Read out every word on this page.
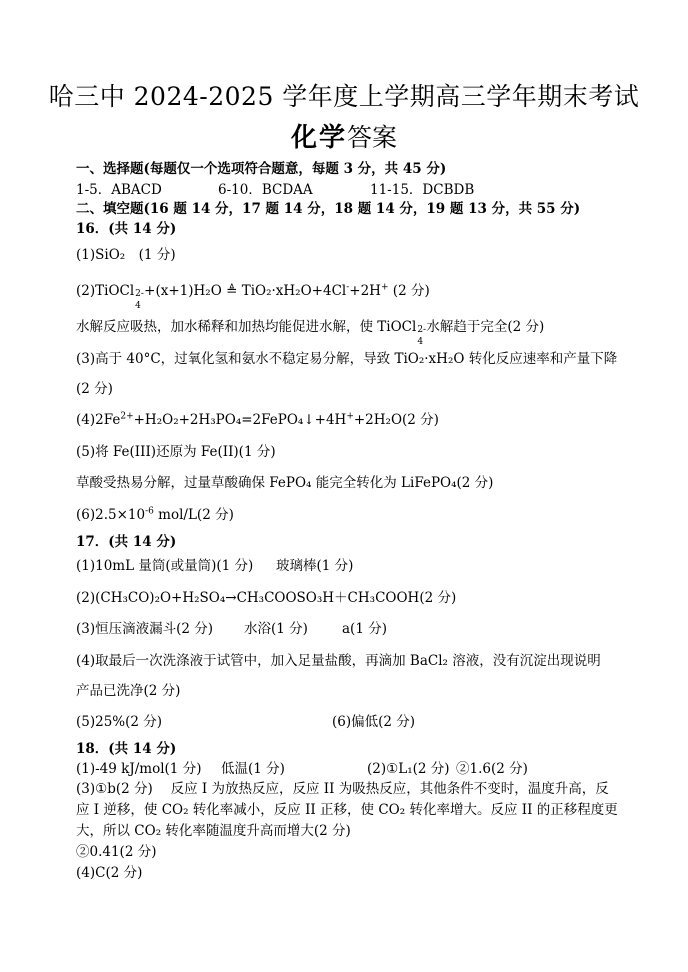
哈三中 2024-2025 学年度上学期高三学年期末考试
化学答案
一、选择题(每题仅一个选项符合题意，每题 3 分，共 45 分)
1-5．ABACD	6-10．BCDAA	11-15．DCBDB
二、填空题(16 题 14 分，17 题 14 分，18 题 14 分，19 题 13 分，共 55 分)
16．(共 14 分)
(1)SiO₂　(1 分)
(2)TiOCl 2-
4
+(x+1)H₂O ≜ TiO₂·xH₂O+4Cl-+2H+ (2 分)
水解反应吸热，加水稀释和加热均能促进水解，使 TiOCl 2-
4
水解趋于完全(2 分)
(3)高于 40°C，过氧化氢和氨水不稳定易分解，导致 TiO₂·xH₂O 转化反应速率和产量下降
(2 分)
$(4)2Fe^{2+}+H_2O_2+2H_3PO_4=2FePO_4↓+4H^++2H_2O(2$ 分)
(5)将 Fe(III)还原为 Fe(II)(1 分)
草酸受热易分解，过量草酸确保 FePO₄ 能完全转化为 LiFePO₄(2 分)
$(6)2.5\times 10^{-6}$ mol/L(2 分)
17．(共 14 分)
(1)10mL 量筒(或量筒)(1 分) 玻璃棒(1 分)
(2)(CH₃CO)₂O+H₂SO₄→CH₃COOSO₃H＋CH₃COOH(2 分)
(3)恒压滴液漏斗(2 分) 水浴(1 分)	a(1 分)
(4)取最后一次洗涤液于试管中，加入足量盐酸，再滴加 BaCl₂ 溶液，没有沉淀出现说明
产品已洗净(2 分)
(5)25%(2 分)	(6)偏低(2 分)
18．(共 14 分)
(1)-49 kJ/mol(1 分) 低温(1 分)	(2)①L₁(2 分) ②1.6(2 分)
(3)①b(2 分)　 反应 I 为放热反应，反应 II 为吸热反应，其他条件不变时，温度升高，反
应 I 逆移，使 CO₂ 转化率减小，反应 II 正移，使 CO₂ 转化率增大。反应 II 的正移程度更
大，所以 CO₂ 转化率随温度升高而增大(2 分)
②0.41(2 分)
(4)C(2 分)
